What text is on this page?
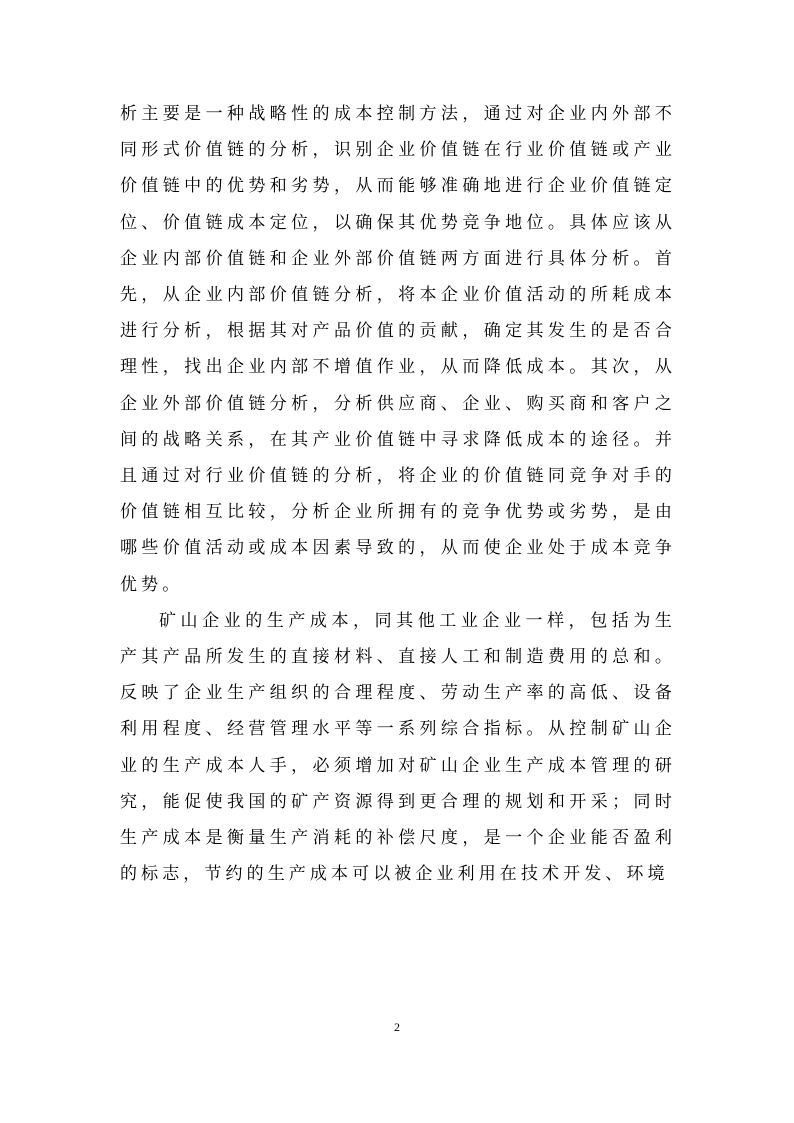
析主要是一种战略性的成本控制方法，通过对企业内外部不同形式价值链的分析，识别企业价值链在行业价值链或产业价值链中的优势和劣势，从而能够准确地进行企业价值链定位、价值链成本定位，以确保其优势竞争地位。具体应该从企业内部价值链和企业外部价值链两方面进行具体分析。首先，从企业内部价值链分析，将本企业价值活动的所耗成本进行分析，根据其对产品价值的贡献，确定其发生的是否合理性，找出企业内部不增值作业，从而降低成本。其次，从企业外部价值链分析，分析供应商、企业、购买商和客户之间的战略关系，在其产业价值链中寻求降低成本的途径。并且通过对行业价值链的分析，将企业的价值链同竞争对手的价值链相互比较，分析企业所拥有的竞争优势或劣势，是由哪些价值活动或成本因素导致的，从而使企业处于成本竞争优势。

矿山企业的生产成本，同其他工业企业一样，包括为生产其产品所发生的直接材料、直接人工和制造费用的总和。反映了企业生产组织的合理程度、劳动生产率的高低、设备利用程度、经营管理水平等一系列综合指标。从控制矿山企业的生产成本人手，必须增加对矿山企业生产成本管理的研究，能促使我国的矿产资源得到更合理的规划和开采；同时生产成本是衡量生产消耗的补偿尺度，是一个企业能否盈利的标志，节约的生产成本可以被企业利用在技术开发、环境

2
